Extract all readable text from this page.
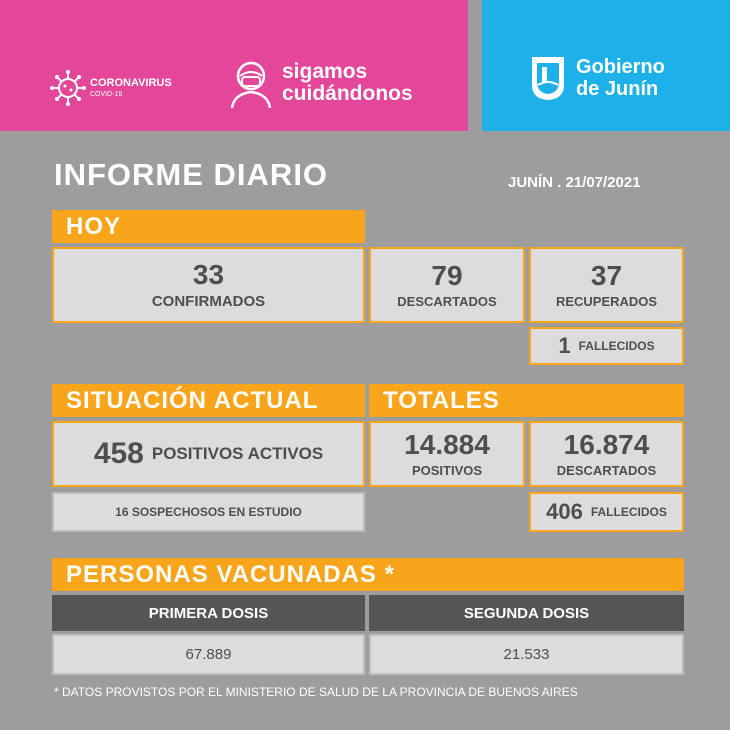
CORONAVIRUS
COVID-19
sigamos
cuidándonos
Gobierno
de Junín
INFORME DIARIO	JUNÍN . 21/07/2021
HOY
33
CONFIRMADOS
79
DESCARTADOS
37
RECUPERADOS
1 FALLECIDOS
SITUACIÓN ACTUAL
458 POSITIVOS ACTIVOS
16 SOSPECHOSOS EN ESTUDIO
TOTALES
14.884
POSITIVOS
16.874
DESCARTADOS
406 FALLECIDOS
PERSONAS VACUNADAS *
PRIMERA DOSIS	SEGUNDA DOSIS
67.889	21.533
* DATOS PROVISTOS POR EL MINISTERIO DE SALUD DE LA PROVINCIA DE BUENOS AIRES
